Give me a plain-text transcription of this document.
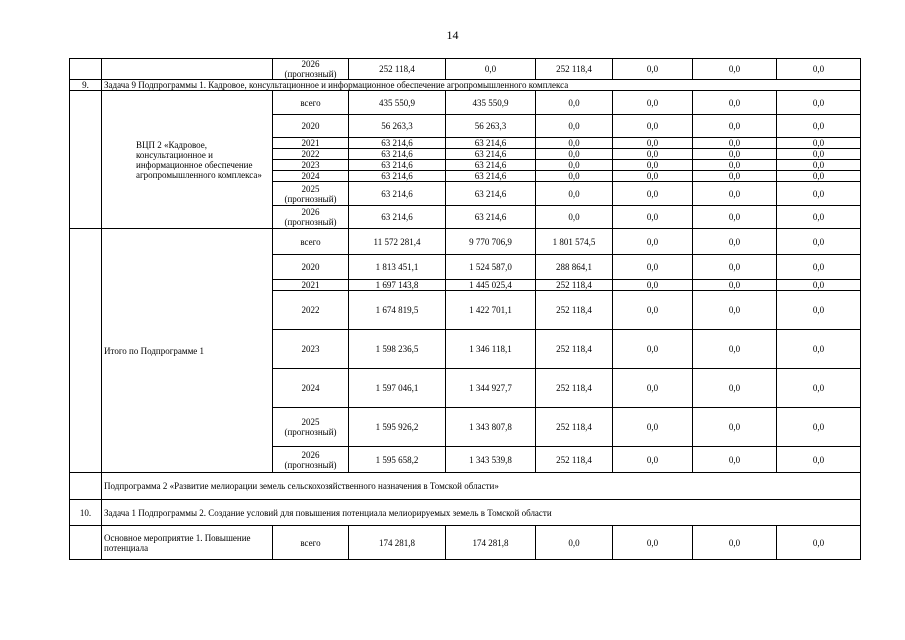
14
		2026
(прогнозный)	252 118,4	0,0	252 118,4	0,0	0,0	0,0
9.	Задача 9 Подпрограммы 1. Кадровое, консультационное и информационное обеспечение агропромышленного комплекса							
	ВЦП 2 «Кадровое, консультационное и информационное обеспечение агропромышленного комплекса»	всего	435 550,9	435 550,9	0,0	0,0	0,0	0,0
		2020	56 263,3	56 263,3	0,0	0,0	0,0	0,0
		2021	63 214,6	63 214,6	0,0	0,0	0,0	0,0
		2022	63 214,6	63 214,6	0,0	0,0	0,0	0,0
		2023	63 214,6	63 214,6	0,0	0,0	0,0	0,0
		2024	63 214,6	63 214,6	0,0	0,0	0,0	0,0
		2025
(прогнозный)	63 214,6	63 214,6	0,0	0,0	0,0	0,0
		2026
(прогнозный)	63 214,6	63 214,6	0,0	0,0	0,0	0,0
	Итого по Подпрограмме 1	всего	11 572 281,4	9 770 706,9	1 801 574,5	0,0	0,0	0,0
		2020	1 813 451,1	1 524 587,0	288 864,1	0,0	0,0	0,0
		2021	1 697 143,8	1 445 025,4	252 118,4	0,0	0,0	0,0
		2022	1 674 819,5	1 422 701,1	252 118,4	0,0	0,0	0,0
		2023	1 598 236,5	1 346 118,1	252 118,4	0,0	0,0	0,0
		2024	1 597 046,1	1 344 927,7	252 118,4	0,0	0,0	0,0
		2025
(прогнозный)	1 595 926,2	1 343 807,8	252 118,4	0,0	0,0	0,0
		2026
(прогнозный)	1 595 658,2	1 343 539,8	252 118,4	0,0	0,0	0,0
	Подпрограмма 2 «Развитие мелиорации земель сельскохозяйственного назначения в Томской области»							
10.	Задача 1 Подпрограммы 2. Создание условий для повышения потенциала мелиорируемых земель в Томской области							
	Основное мероприятие 1. Повышение потенциала	всего	174 281,8	174 281,8	0,0	0,0	0,0	0,0
